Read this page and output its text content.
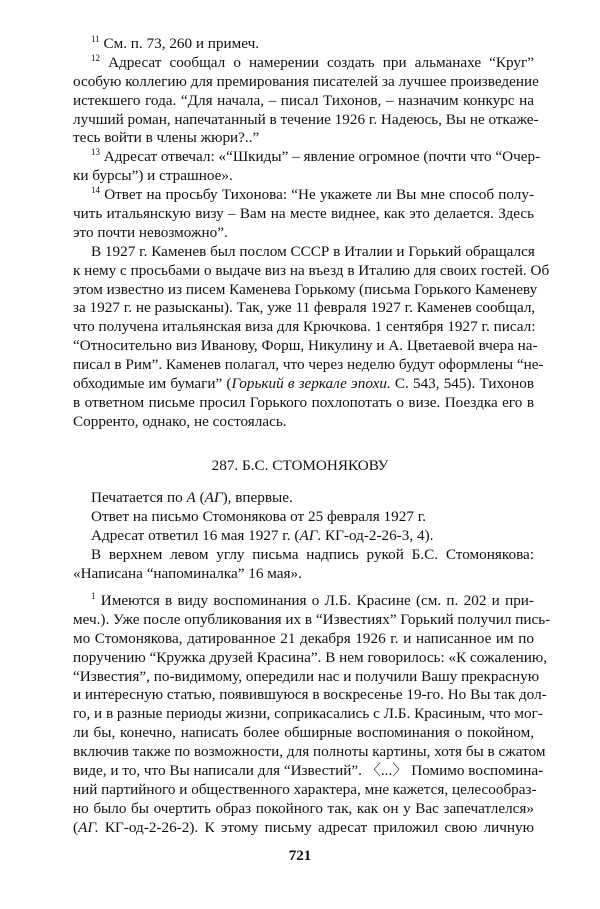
$^{11}$ См. п. 73, 260 и примеч.
$^{12}$ Адресат сообщал о намерении создать при альманахе “Круг”
особую коллегию для премирования писателей за лучшее произведение
истекшего года. “Для начала, – писал Тихонов, – назначим конкурс на
лучший роман, напечатанный в течение 1926 г. Надеюсь, Вы не откаже-
тесь войти в члены жюри?..”
$^{13}$ Адресат отвечал: «“Шкиды” – явление огромное (почти что “Очер-
ки бурсы”) и страшное».
$^{14}$ Ответ на просьбу Тихонова: “Не укажете ли Вы мне способ полу-
чить итальянскую визу – Вам на месте виднее, как это делается. Здесь
это почти невозможно”.
В 1927 г. Каменев был послом СССР в Италии и Горький обращался
к нему с просьбами о выдаче виз на въезд в Италию для своих гостей. Об
этом известно из писем Каменева Горькому (письма Горького Каменеву
за 1927 г. не разысканы). Так, уже 11 февраля 1927 г. Каменев сообщал,
что получена итальянская виза для Крючкова. 1 сентября 1927 г. писал:
“Относительно виз Иванову, Форш, Никулину и А. Цветаевой вчера на-
писал в Рим”. Каменев полагал, что через неделю будут оформлены “не-
обходимые им бумаги” (Горький в зеркале эпохи. С. 543, 545). Тихонов
в ответном письме просил Горького похлопотать о визе. Поездка его в
Сорренто, однако, не состоялась.
287. Б.С. СТОМОНЯКОВУ
Печатается по А (АГ), впервые.
Ответ на письмо Стомонякова от 25 февраля 1927 г.
Адресат ответил 16 мая 1927 г. (АГ. КГ-од-2-26-3, 4).
В верхнем левом углу письма надпись рукой Б.С. Стомонякова:
«Написана “напоминалка” 16 мая».
$^1$ Имеются в виду воспоминания о Л.Б. Красине (см. п. 202 и при-
меч.). Уже после опубликования их в “Известиях” Горький получил пись-
мо Стомонякова, датированное 21 декабря 1926 г. и написанное им по
поручению “Кружка друзей Красина”. В нем говорилось: «К сожалению,
“Известия”, по-видимому, опередили нас и получили Вашу прекрасную
и интересную статью, появившуюся в воскресенье 19-го. Но Вы так дол-
го, и в разные периоды жизни, соприкасались с Л.Б. Красиным, что мог-
ли бы, конечно, написать более обширные воспоминания о покойном,
включив также по возможности, для полноты картины, хотя бы в сжатом
виде, и то, что Вы написали для “Известий”. 〈...〉 Помимо воспомина-
ний партийного и общественного характера, мне кажется, целесообраз-
но было бы очертить образ покойного так, как он у Вас запечатлелся»
(АГ. КГ-од-2-26-2). К этому письму адресат приложил свою личную
721
